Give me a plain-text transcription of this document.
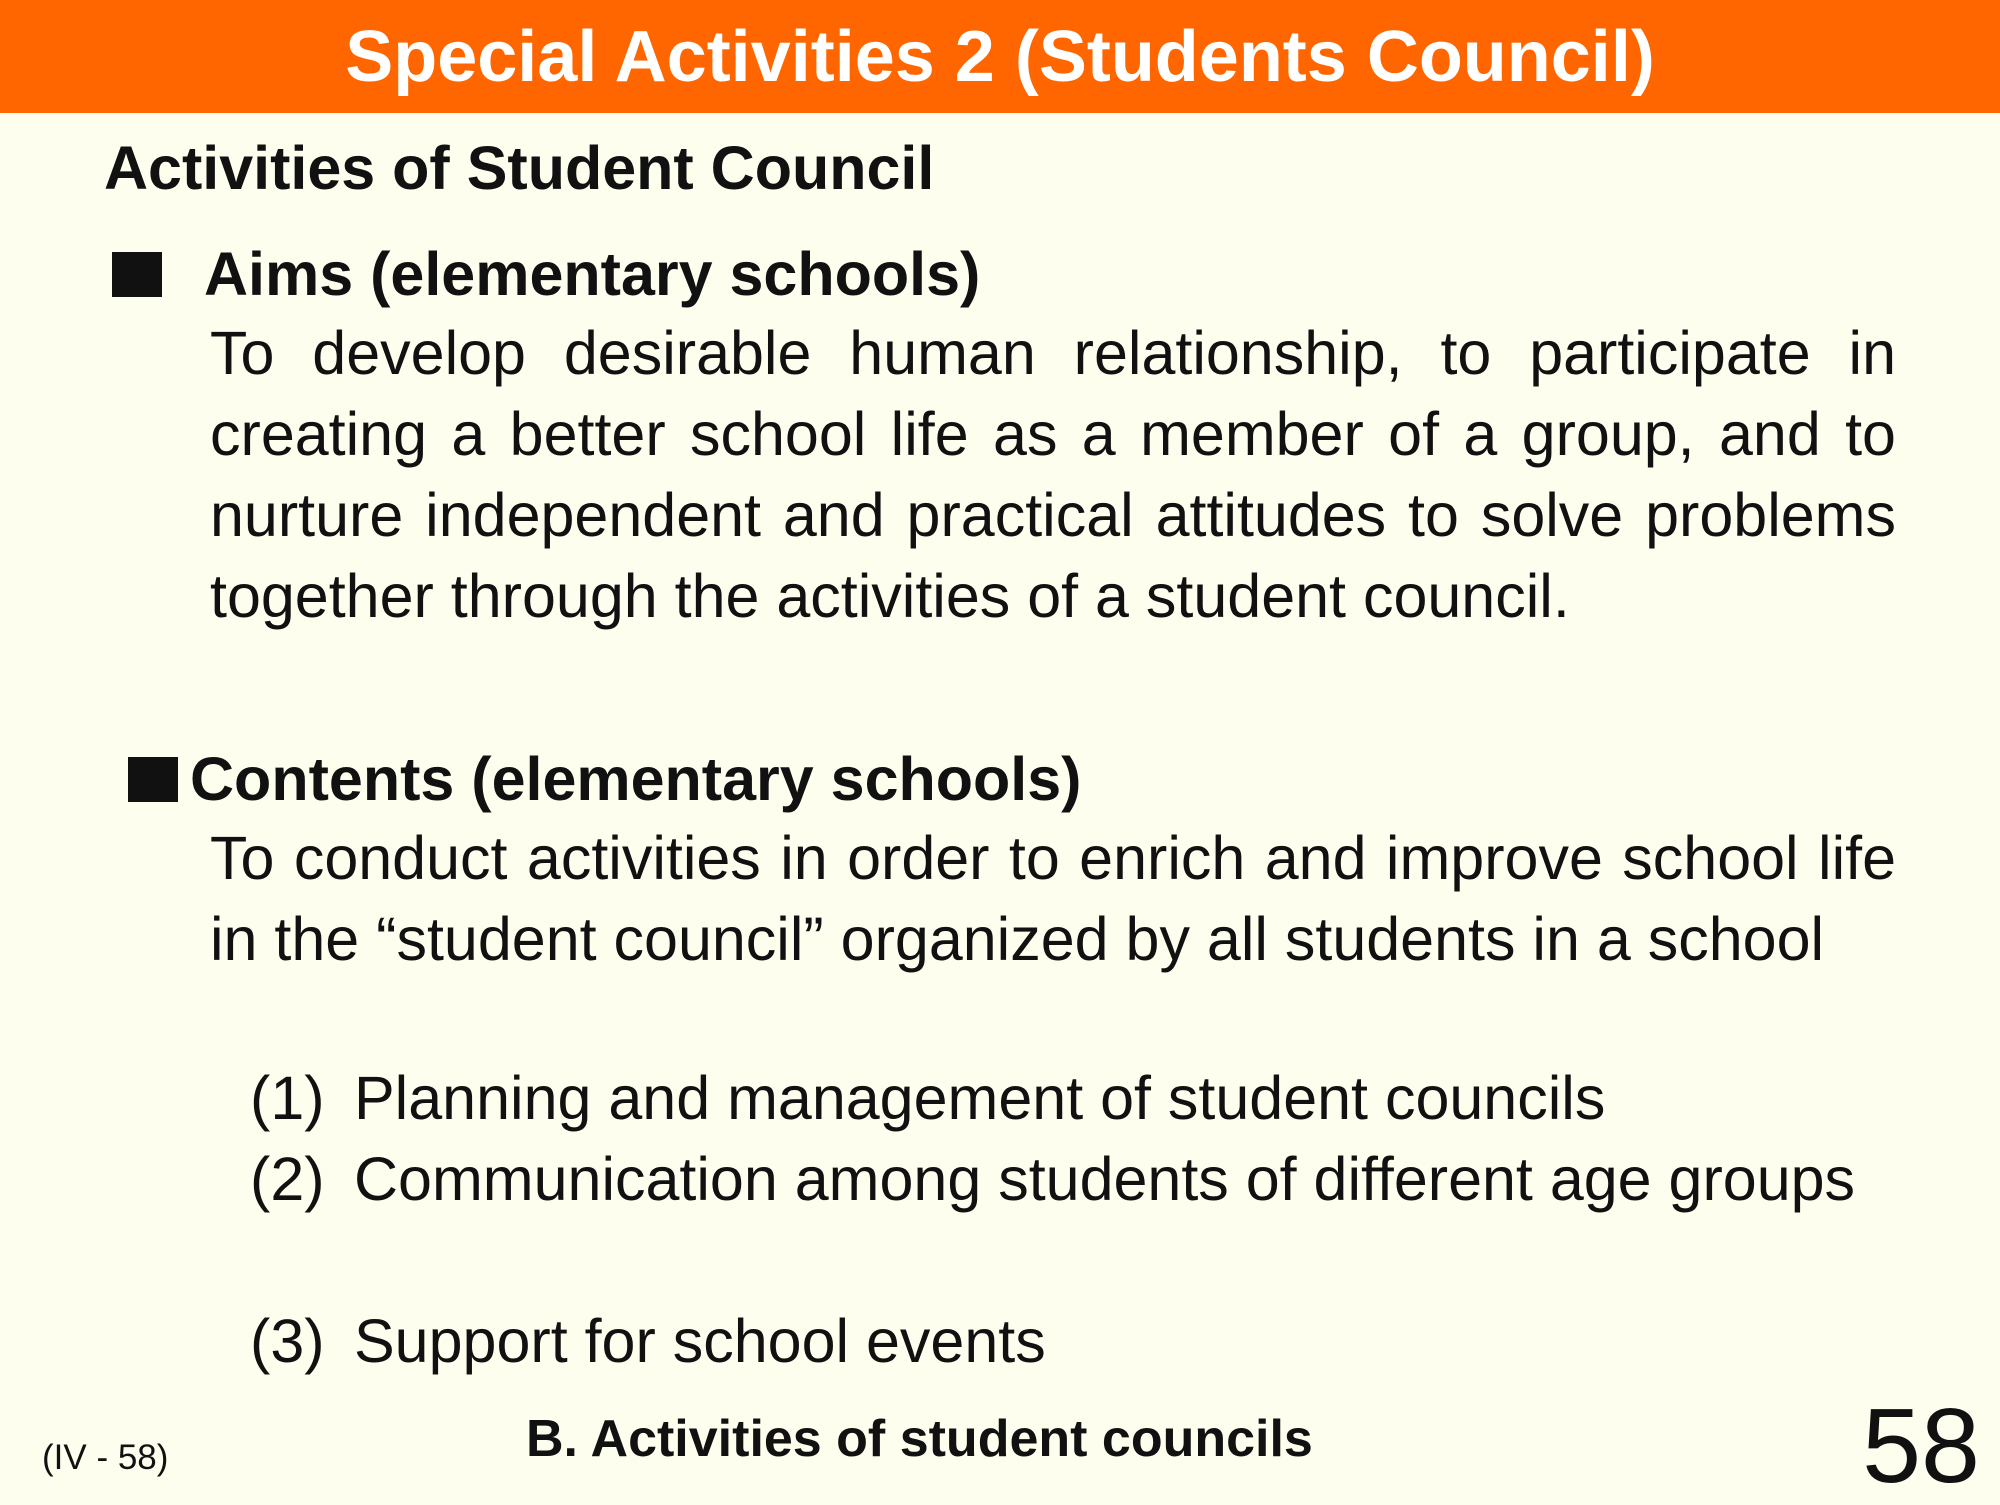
Special Activities 2 (Students Council)
Activities of Student Council
Aims (elementary schools)
To develop desirable human relationship, to participate in creating a better school life as a member of a group, and to nurture independent and practical attitudes to solve problems together through the activities of a student council.
Contents (elementary schools)
To conduct activities in order to enrich and improve school life in the “student council” organized by all students in a school
(1) Planning and management of student councils
(2) Communication among students of different age groups
(3) Support for school events
(IV - 58)	B. Activities of student councils	58
